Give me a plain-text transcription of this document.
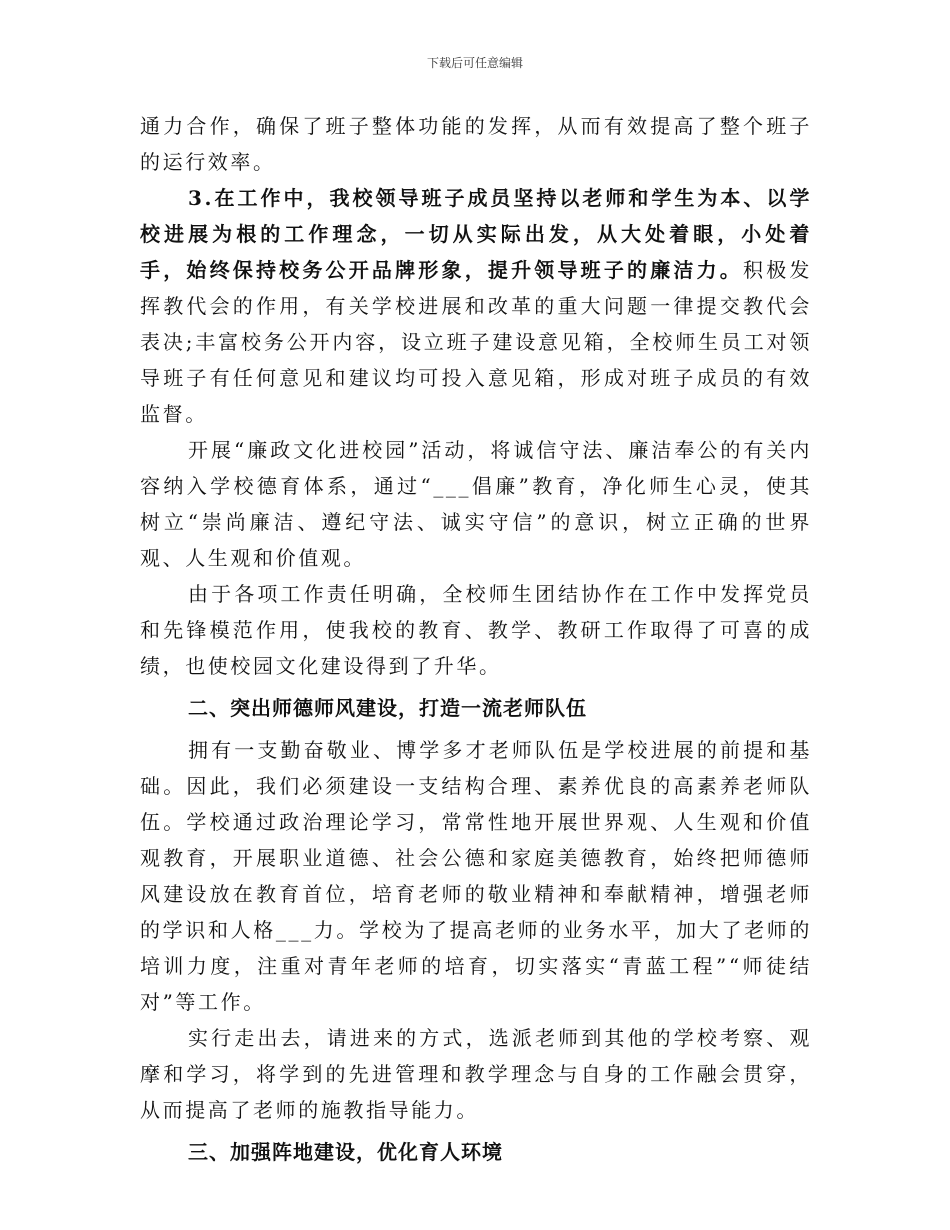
下载后可任意编辑

通力合作，确保了班子整体功能的发挥，从而有效提高了整个班子的运行效率。

3.在工作中，我校领导班子成员坚持以老师和学生为本、以学校进展为根的工作理念，一切从实际出发，从大处着眼，小处着手，始终保持校务公开品牌形象，提升领导班子的廉洁力。积极发挥教代会的作用，有关学校进展和改革的重大问题一律提交教代会表决;丰富校务公开内容，设立班子建设意见箱，全校师生员工对领导班子有任何意见和建议均可投入意见箱，形成对班子成员的有效监督。

开展“廉政文化进校园”活动，将诚信守法、廉洁奉公的有关内容纳入学校德育体系，通过“___倡廉”教育，净化师生心灵，使其树立“崇尚廉洁、遵纪守法、诚实守信”的意识，树立正确的世界观、人生观和价值观。

由于各项工作责任明确，全校师生团结协作在工作中发挥党员和先锋模范作用，使我校的教育、教学、教研工作取得了可喜的成绩，也使校园文化建设得到了升华。

二、突出师德师风建设，打造一流老师队伍

拥有一支勤奋敬业、博学多才老师队伍是学校进展的前提和基础。因此，我们必须建设一支结构合理、素养优良的高素养老师队伍。学校通过政治理论学习，常常性地开展世界观、人生观和价值观教育，开展职业道德、社会公德和家庭美德教育，始终把师德师风建设放在教育首位，培育老师的敬业精神和奉献精神，增强老师的学识和人格___力。学校为了提高老师的业务水平，加大了老师的培训力度，注重对青年老师的培育，切实落实“青蓝工程”“师徒结对”等工作。

实行走出去，请进来的方式，选派老师到其他的学校考察、观摩和学习，将学到的先进管理和教学理念与自身的工作融会贯穿，从而提高了老师的施教指导能力。

三、加强阵地建设，优化育人环境
